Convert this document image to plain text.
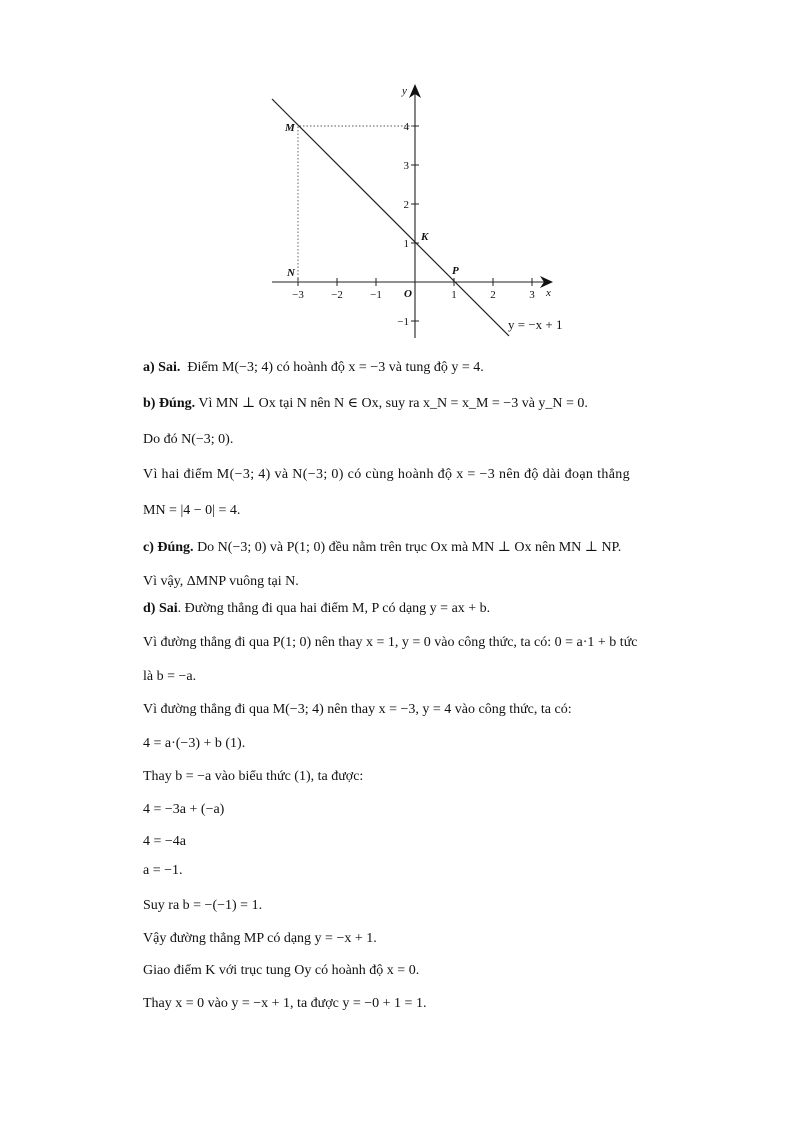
−3 −2 −1	1	2	3
4
3
2
1
−1
O	x
y
M
N
K
P
y = −x + 1
a) Sai.  Điểm M(−3; 4) có hoành độ x = −3 và tung độ y = 4.
b) Đúng. Vì MN ⊥ Ox tại N nên N ∈ Ox, suy ra x_N = x_M = −3 và y_N = 0.
Do đó N(−3; 0).
Vì hai điểm M(−3; 4) và N(−3; 0) có cùng hoành độ x = −3 nên độ dài đoạn thẳng
MN = |4 − 0| = 4.
c) Đúng. Do N(−3; 0) và P(1; 0) đều nằm trên trục Ox mà MN ⊥ Ox nên MN ⊥ NP.
Vì vậy, ΔMNP vuông tại N.
d) Sai. Đường thẳng đi qua hai điểm M, P có dạng y = ax + b.
Vì đường thẳng đi qua P(1; 0) nên thay x = 1, y = 0 vào công thức, ta có: 0 = a·1 + b tức
là b = −a.
Vì đường thẳng đi qua M(−3; 4) nên thay x = −3, y = 4 vào công thức, ta có:
4 = a·(−3) + b (1).
Thay b = −a vào biểu thức (1), ta được:
4 = −3a + (−a)
4 = −4a
a = −1.
Suy ra b = −(−1) = 1.
Vậy đường thẳng MP có dạng y = −x + 1.
Giao điểm K với trục tung Oy có hoành độ x = 0.
Thay x = 0 vào y = −x + 1, ta được y = −0 + 1 = 1.
